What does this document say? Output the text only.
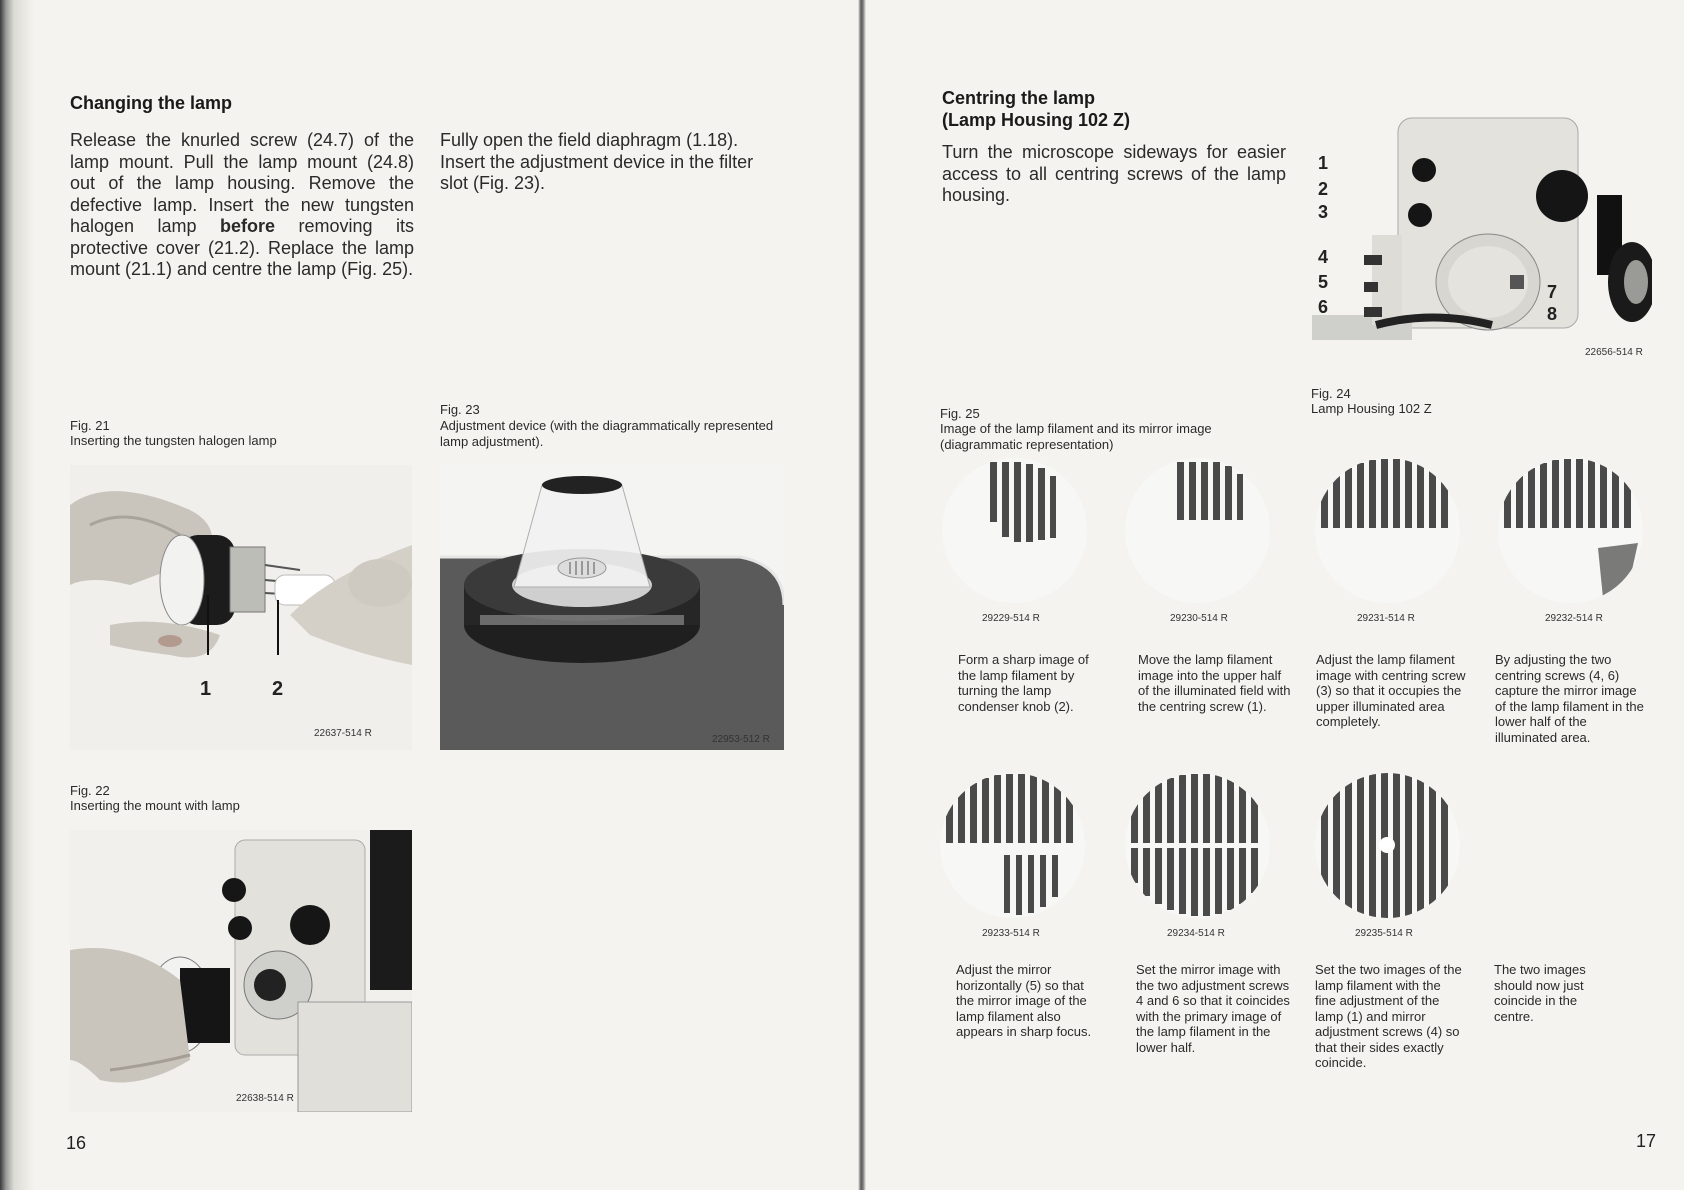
Changing the lamp
Release the knurled screw (24.7) of the lamp mount. Pull the lamp mount (24.8) out of the lamp housing. Remove the defective lamp. Insert the new tungsten halogen lamp before removing its protective cover (21.2). Replace the lamp mount (21.1) and centre the lamp (Fig. 25).
Fully open the field diaphragm (1.18). Insert the adjustment device in the filter slot (Fig. 23).
Fig. 21
Inserting the tungsten halogen lamp
Fig. 23
Adjustment device (with the diagrammatically represented lamp adjustment).
1	2
22637-514 R
22953-512 R
Fig. 22
Inserting the mount with lamp
22638-514 R
16
Centring the lamp
(Lamp Housing 102 Z)
Turn the microscope sideways for easier access to all centring screws of the lamp housing.
1
2
3
4
5
6
7
8
22656-514 R
Fig. 24
Lamp Housing 102 Z
Fig. 25
Image of the lamp filament and its mirror image (diagrammatic representation)
29229-514 R	29230-514 R	29231-514 R	29232-514 R
Form a sharp image of the lamp filament by turning the lamp condenser knob (2).
Move the lamp filament image into the upper half of the illuminated field with the centring screw (1).
Adjust the lamp filament image with centring screw (3) so that it occupies the upper illuminated area completely.
By adjusting the two centring screws (4, 6) capture the mirror image of the lamp filament in the lower half of the illuminated area.
29233-514 R	29234-514 R	29235-514 R
Adjust the mirror horizontally (5) so that the mirror image of the lamp filament also appears in sharp focus.
Set the mirror image with the two adjustment screws 4 and 6 so that it coincides with the primary image of the lamp filament in the lower half.
Set the two images of the lamp filament with the fine adjustment of the lamp (1) and mirror adjustment screws (4) so that their sides exactly coincide.
The two images should now just coincide in the centre.
17
